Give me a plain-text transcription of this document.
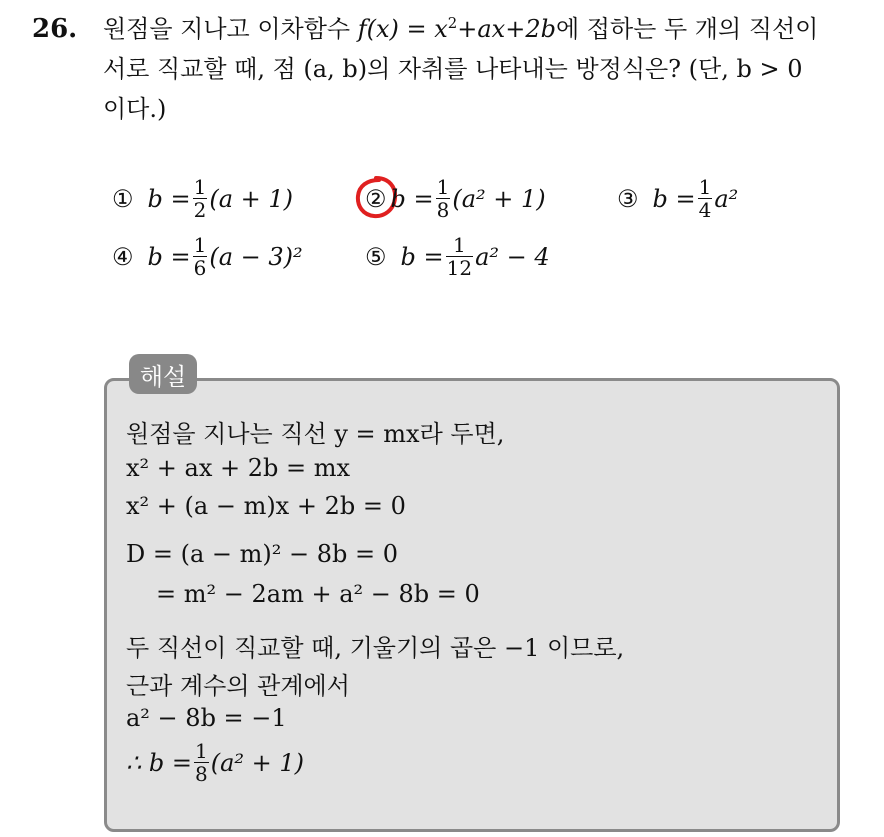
26. 원점을 지나고 이차함수 $f(x) = x^2+ax+2b$에 접하는 두 개의 직선이
서로 직교할 때, 점 (a, b)의 자취를 나타내는 방정식은? (단, b > 0
이다.)
① $b = \frac{1}{2} (a + 1)$	② $b = \frac{1}{8} (a^2 + 1)$	③ $b = \frac{1}{4} a^2$
④ $b = \frac{1}{6} (a - 3)^2$	⑤ $b = \frac{1}{12} a^2 - 4$
해설
원점을 지나는 직선 y = mx라 두면,
x² + ax + 2b = mx
x² + (a − m)x + 2b = 0
D = (a − m)² − 8b = 0
= m² − 2am + a² − 8b = 0
두 직선이 직교할 때, 기울기의 곱은 −1 이므로,
근과 계수의 관계에서
a² − 8b = −1
∴ $b = \frac{1}{8} (a^2 + 1)$
